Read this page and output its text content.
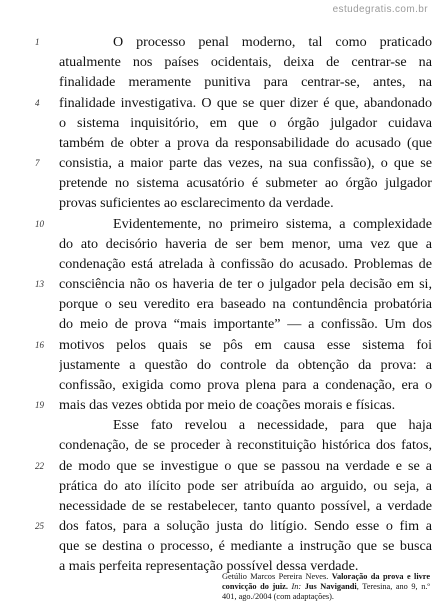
estudegratis.com.br
1	O processo penal moderno, tal como praticado
atualmente nos países ocidentais, deixa de centrar-se na
finalidade meramente punitiva para centrar-se, antes, na
4	finalidade investigativa. O que se quer dizer é que, abandonado
o sistema inquisitório, em que o órgão julgador cuidava
também de obter a prova da responsabilidade do acusado (que
7	consistia, a maior parte das vezes, na sua confissão), o que se
pretende no sistema acusatório é submeter ao órgão julgador
provas suficientes ao esclarecimento da verdade.
10	Evidentemente, no primeiro sistema, a complexidade
do ato decisório haveria de ser bem menor, uma vez que a
condenação está atrelada à confissão do acusado. Problemas de
13	consciência não os haveria de ter o julgador pela decisão em si,
porque o seu veredito era baseado na contundência probatória
do meio de prova “mais importante” — a confissão. Um dos
16	motivos pelos quais se pôs em causa esse sistema foi
justamente a questão do controle da obtenção da prova: a
confissão, exigida como prova plena para a condenação, era o
19	mais das vezes obtida por meio de coações morais e físicas.
Esse fato revelou a necessidade, para que haja
condenação, de se proceder à reconstituição histórica dos fatos,
22	de modo que se investigue o que se passou na verdade e se a
prática do ato ilícito pode ser atribuída ao arguido, ou seja, a
necessidade de se restabelecer, tanto quanto possível, a verdade
25	dos fatos, para a solução justa do litígio. Sendo esse o fim a
que se destina o processo, é mediante a instrução que se busca
a mais perfeita representação possível dessa verdade.
Getúlio Marcos Pereira Neves. Valoração da prova e livre convicção do juiz. In: Jus Navigandi, Teresina, ano 9, n.º 401, ago./2004 (com adaptações).
